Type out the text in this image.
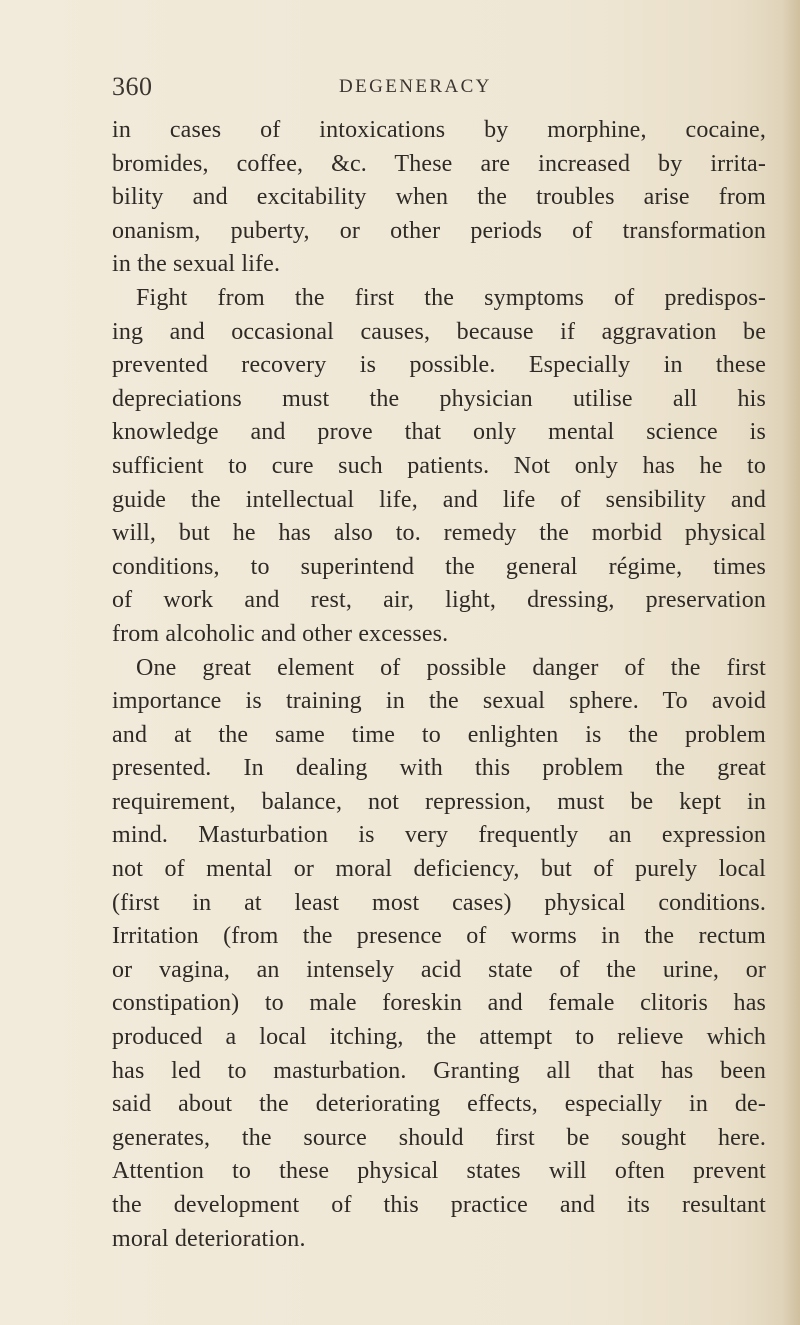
360	DEGENERACY
in cases of intoxications by morphine, cocaine,
bromides, coffee, &c. These are increased by irrita-
bility and excitability when the troubles arise from
onanism, puberty, or other periods of transformation
in the sexual life.
Fight from the first the symptoms of predispos-
ing and occasional causes, because if aggravation be
prevented recovery is possible. Especially in these
depreciations must the physician utilise all his
knowledge and prove that only mental science is
sufficient to cure such patients. Not only has he to
guide the intellectual life, and life of sensibility and
will, but he has also to. remedy the morbid physical
conditions, to superintend the general régime, times
of work and rest, air, light, dressing, preservation
from alcoholic and other excesses.
One great element of possible danger of the first
importance is training in the sexual sphere. To avoid
and at the same time to enlighten is the problem
presented. In dealing with this problem the great
requirement, balance, not repression, must be kept in
mind. Masturbation is very frequently an expression
not of mental or moral deficiency, but of purely local
(first in at least most cases) physical conditions.
Irritation (from the presence of worms in the rectum
or vagina, an intensely acid state of the urine, or
constipation) to male foreskin and female clitoris has
produced a local itching, the attempt to relieve which
has led to masturbation. Granting all that has been
said about the deteriorating effects, especially in de-
generates, the source should first be sought here.
Attention to these physical states will often prevent
the development of this practice and its resultant
moral deterioration.
